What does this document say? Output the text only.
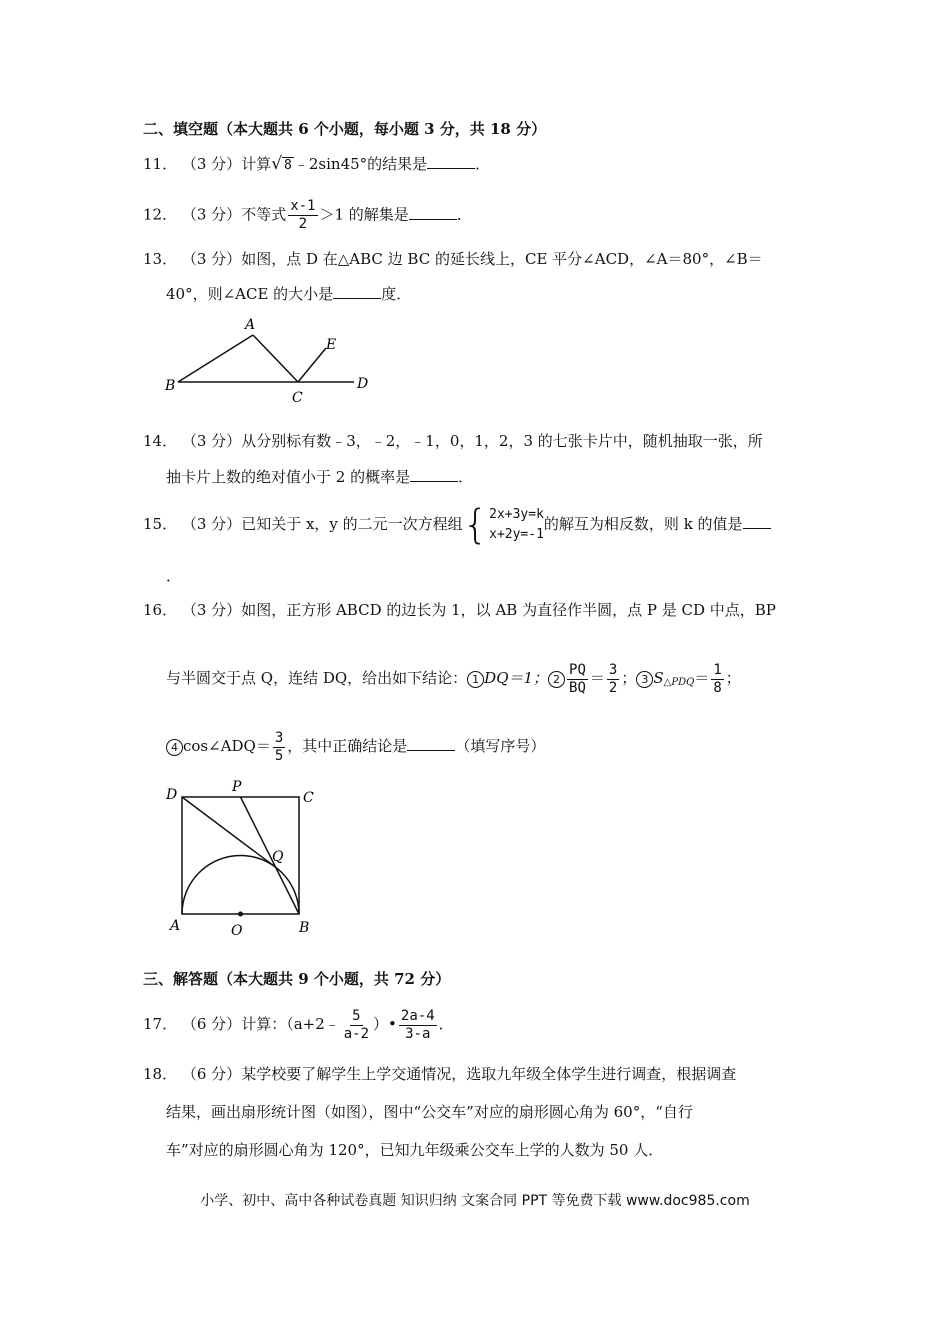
二、填空题（本大题共 6 个小题，每小题 3 分，共 18 分）
11． （3 分）计算√ 8 ﹣2sin45°的结果是	．
12． （3 分）不等式 $\frac{x-1}{2} >1$ 的解集是	．
13． （3 分）如图，点 D 在△ABC 边 BC 的延长线上，CE 平分∠ACD，∠A＝80°，∠B＝
40°，则∠ACE 的大小是	度．
A
B
C
D
E
14． （3 分）从分别标有数﹣3，﹣2，﹣1，0，1，2，3 的七张卡片中，随机抽取一张，所
抽卡片上数的绝对值小于 2 的概率是	．
15． （3 分）已知关于 x，y 的二元一次方程组 { 2x+3y=k
x+2y=-1
的解互为相反数，则 k 的值是
．
16． （3 分）如图，正方形 ABCD 的边长为 1，以 AB 为直径作半圆，点 P 是 CD 中点，BP
与半圆交于点 Q，连结 DQ，给出如下结论： 1 DQ＝1； $2 \frac{PQ}{BQ} = \frac{3}{2}$ ； 3 $S_{\triangle PDQ}= \frac{1}{8}$ ；
4 cos∠ADQ＝ $\frac{3}{5}$ ，其中正确结论是	（填写序号）
D	P
C
Q
A	O	B
三、解答题（本大题共 9 个小题，共 72 分）
17． （6 分）计算：（a+2﹣ $\frac{5}{a-2}$ ）• $\frac{2a-4}{3-a}$ ．
18． （6 分）某学校要了解学生上学交通情况，选取九年级全体学生进行调查，根据调查
结果，画出扇形统计图（如图），图中“公交车”对应的扇形圆心角为 60°，“自行
车”对应的扇形圆心角为 120°，已知九年级乘公交车上学的人数为 50 人．
小学、初中、高中各种试卷真题 知识归纳 文案合同 PPT 等免费下载 www.doc985.com
